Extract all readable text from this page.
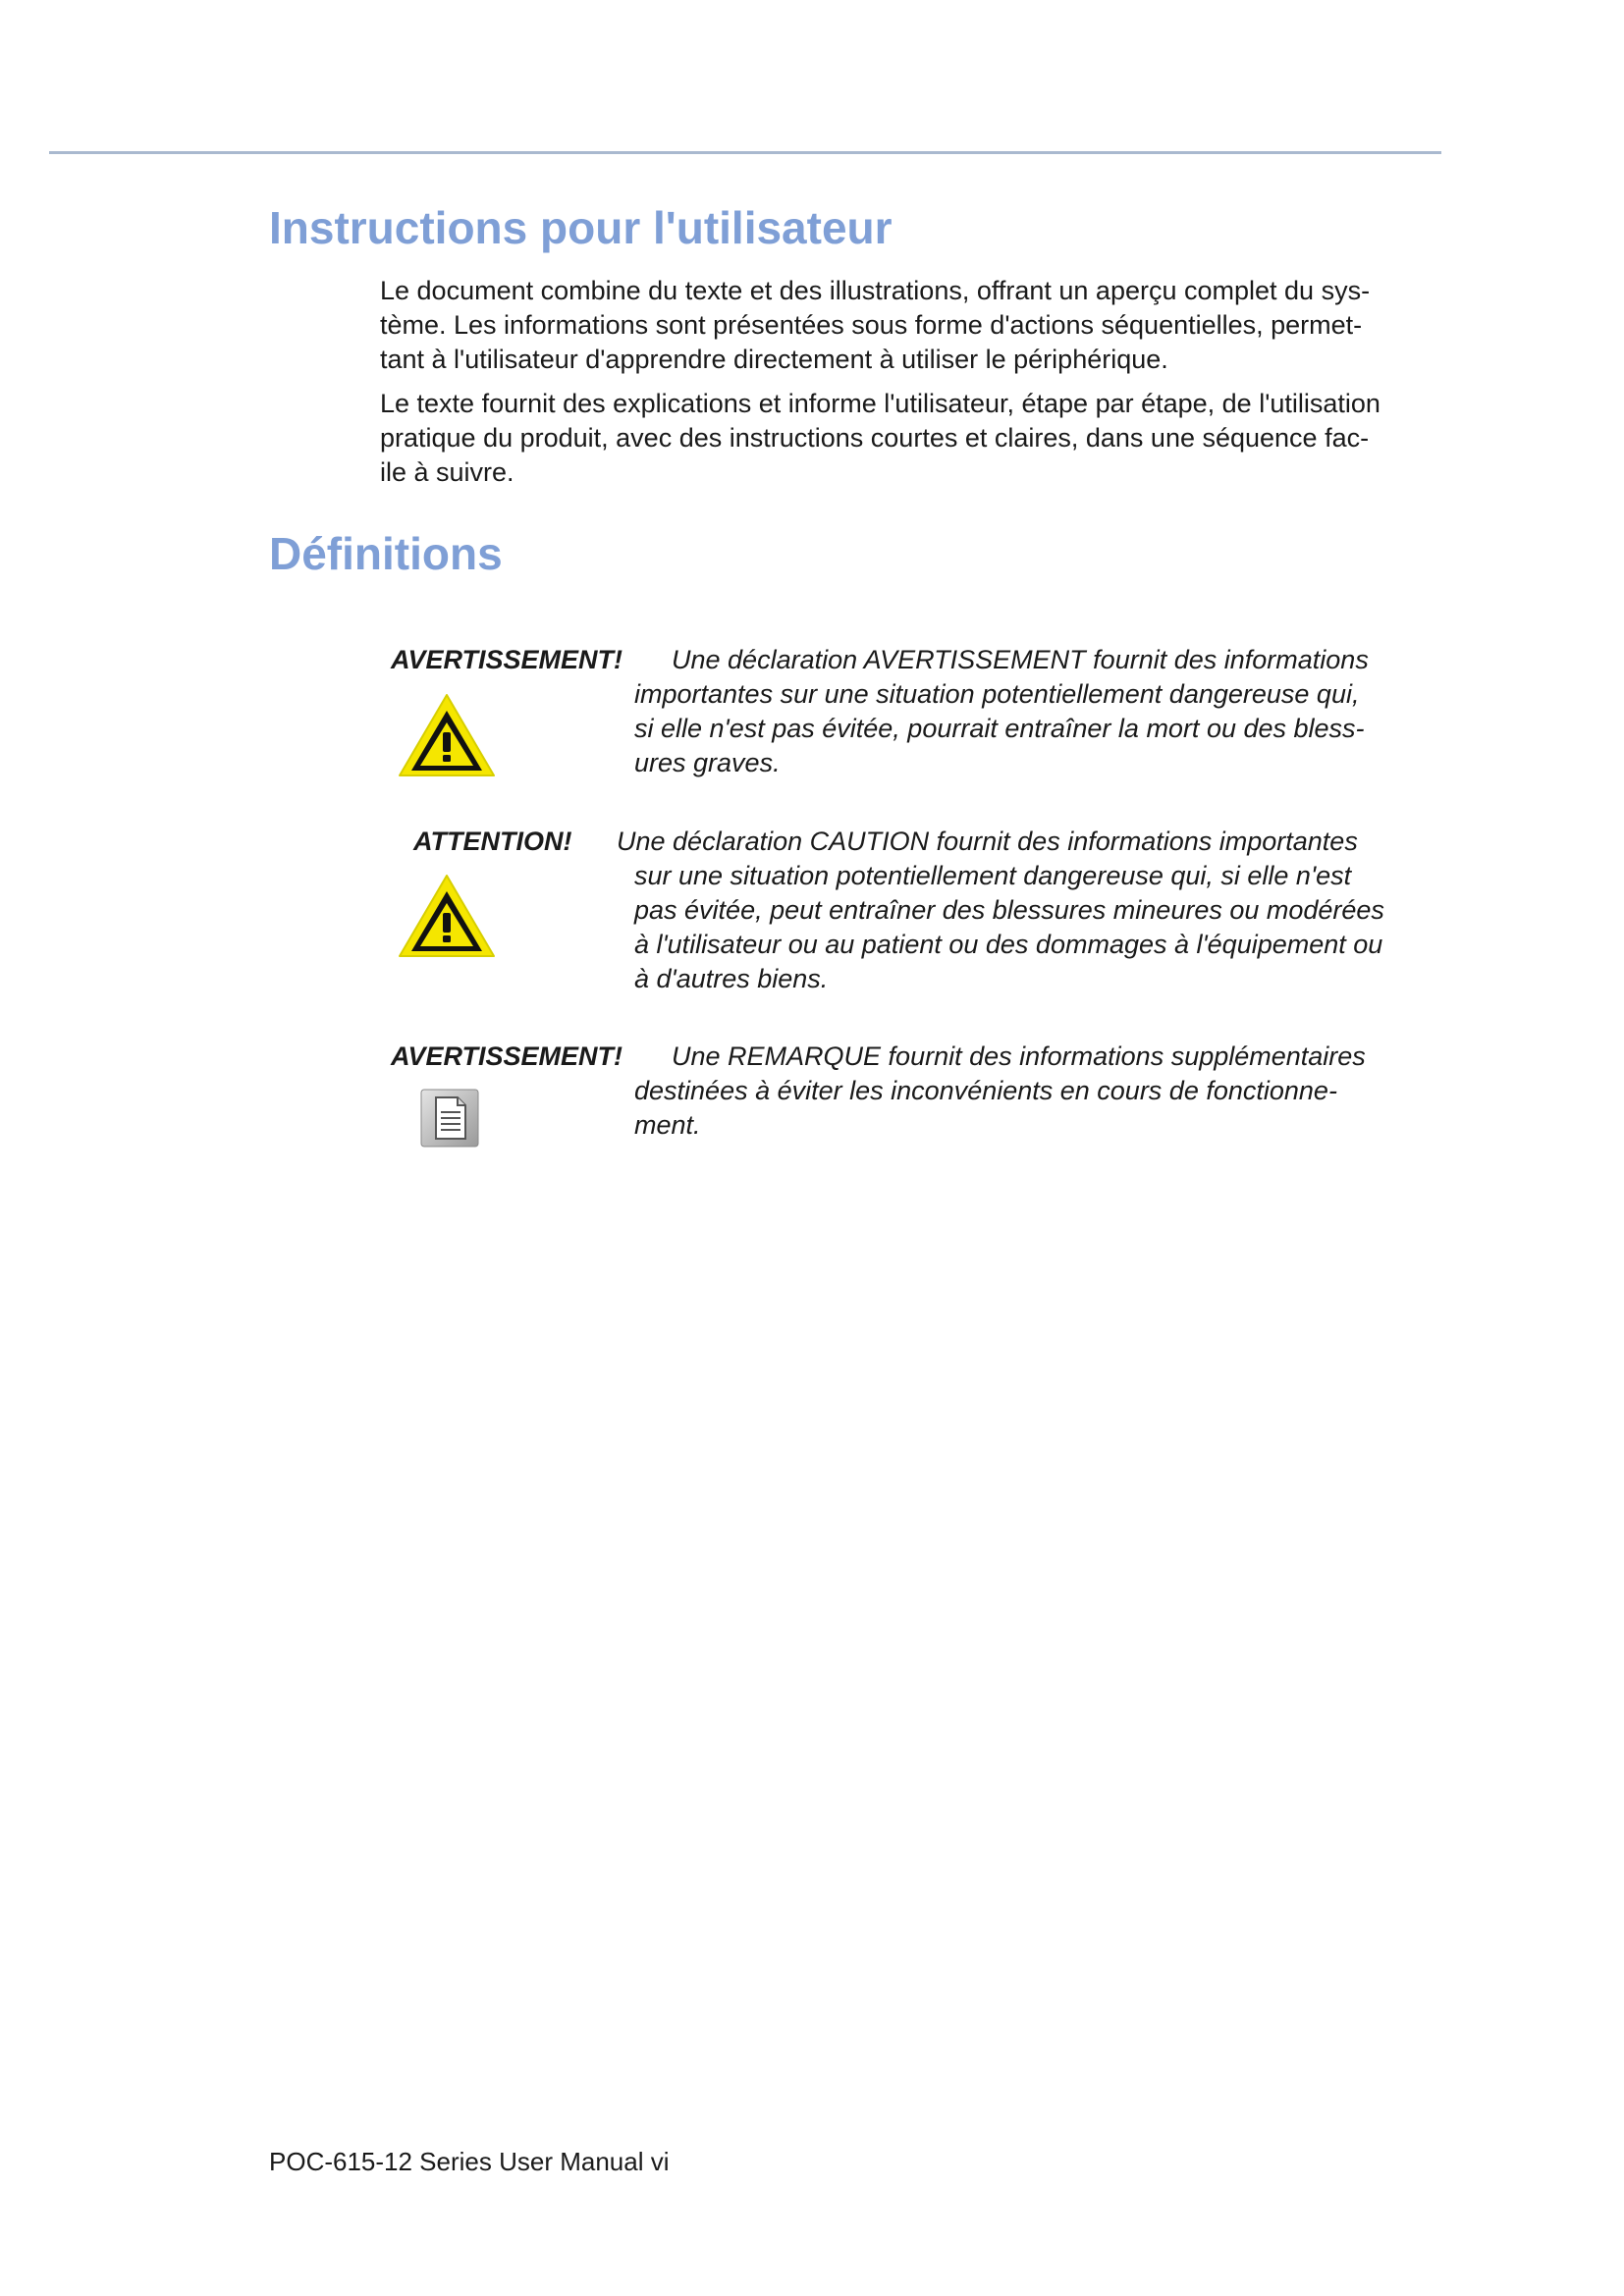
Instructions pour l'utilisateur

Le document combine du texte et des illustrations, offrant un aperçu complet du sys-
tème. Les informations sont présentées sous forme d'actions séquentielles, permet-
tant à l'utilisateur d'apprendre directement à utiliser le périphérique.

Le texte fournit des explications et informe l'utilisateur, étape par étape, de l'utilisation
pratique du produit, avec des instructions courtes et claires, dans une séquence fac-
ile à suivre.

Définitions
AVERTISSEMENT! Une déclaration AVERTISSEMENT fournit des informations
importantes sur une situation potentiellement dangereuse qui,
si elle n'est pas évitée, pourrait entraîner la mort ou des bless-
ures graves.
ATTENTION! Une déclaration CAUTION fournit des informations importantes
sur une situation potentiellement dangereuse qui, si elle n'est
pas évitée, peut entraîner des blessures mineures ou modérées
à l'utilisateur ou au patient ou des dommages à l'équipement ou
à d'autres biens.
AVERTISSEMENT! Une REMARQUE fournit des informations supplémentaires
destinées à éviter les inconvénients en cours de fonctionne-
ment.
POC-615-12 Series User Manual vi
